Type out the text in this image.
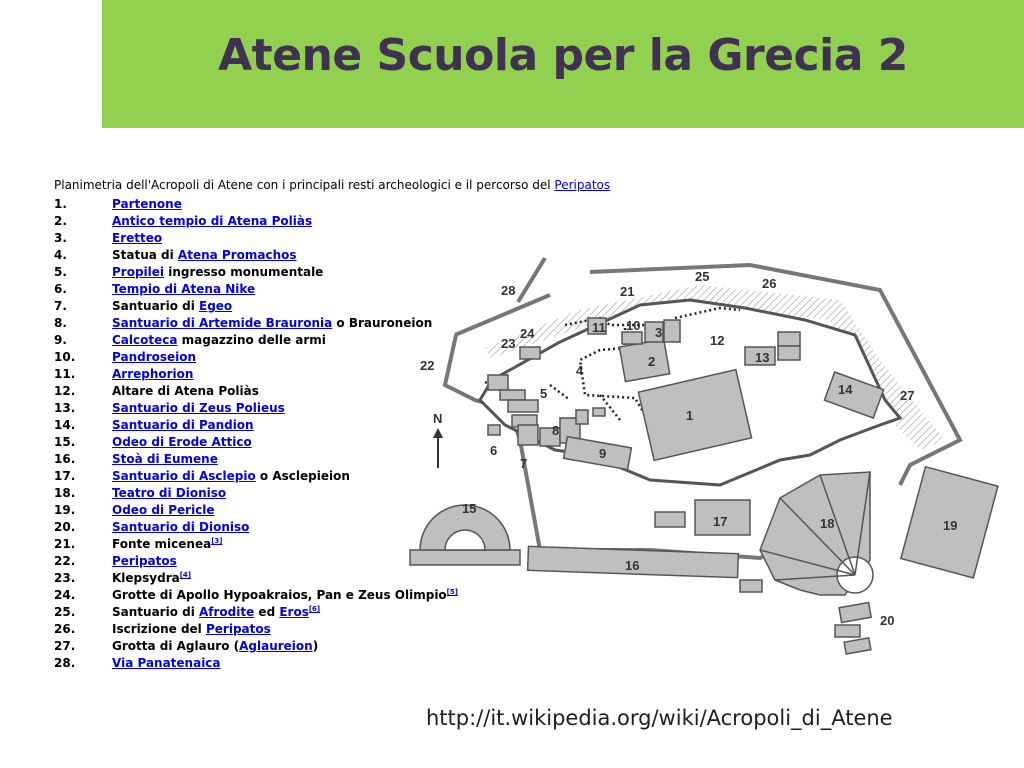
Atene Scuola per la Grecia 2
Planimetria dell'Acropoli di Atene con i principali resti archeologici e il percorso del Peripatos
1.	Partenone
2.	Antico tempio di Atena Poliàs
3.	Eretteo
4.	Statua di Atena Promachos
5.	Propilei ingresso monumentale
6.	Tempio di Atena Nike
7.	Santuario di Egeo
8.	Santuario di Artemide Brauronia o Brauroneion
9.	Calcoteca magazzino delle armi
10.	Pandroseion
11.	Arrephorion
12.	Altare di Atena Poliàs
13.	Santuario di Zeus Polieus
14.	Santuario di Pandion
15.	Odeo di Erode Attico
16.	Stoà di Eumene
17.	Santuario di Asclepio o Asclepieion
18.	Teatro di Dioniso
19.	Odeo di Pericle
20.	Santuario di Dioniso
21.	Fonte micenea[3]
22.	Peripatos
23.	Klepsydra[4]
24.	Grotte di Apollo Hypoakraios, Pan e Zeus Olimpio[5]
25.	Santuario di Afrodite ed Eros[6]
26.	Iscrizione del Peripatos
27.	Grotta di Aglauro (Aglaureion)
28.	Via Panatenaica
N	1
2
3
4
5
6
7
8
9
10
11
12
13
14
15
16
17	18	19
20
21
22
23
24
25	26
27
28
http://it.wikipedia.org/wiki/Acropoli_di_Atene
